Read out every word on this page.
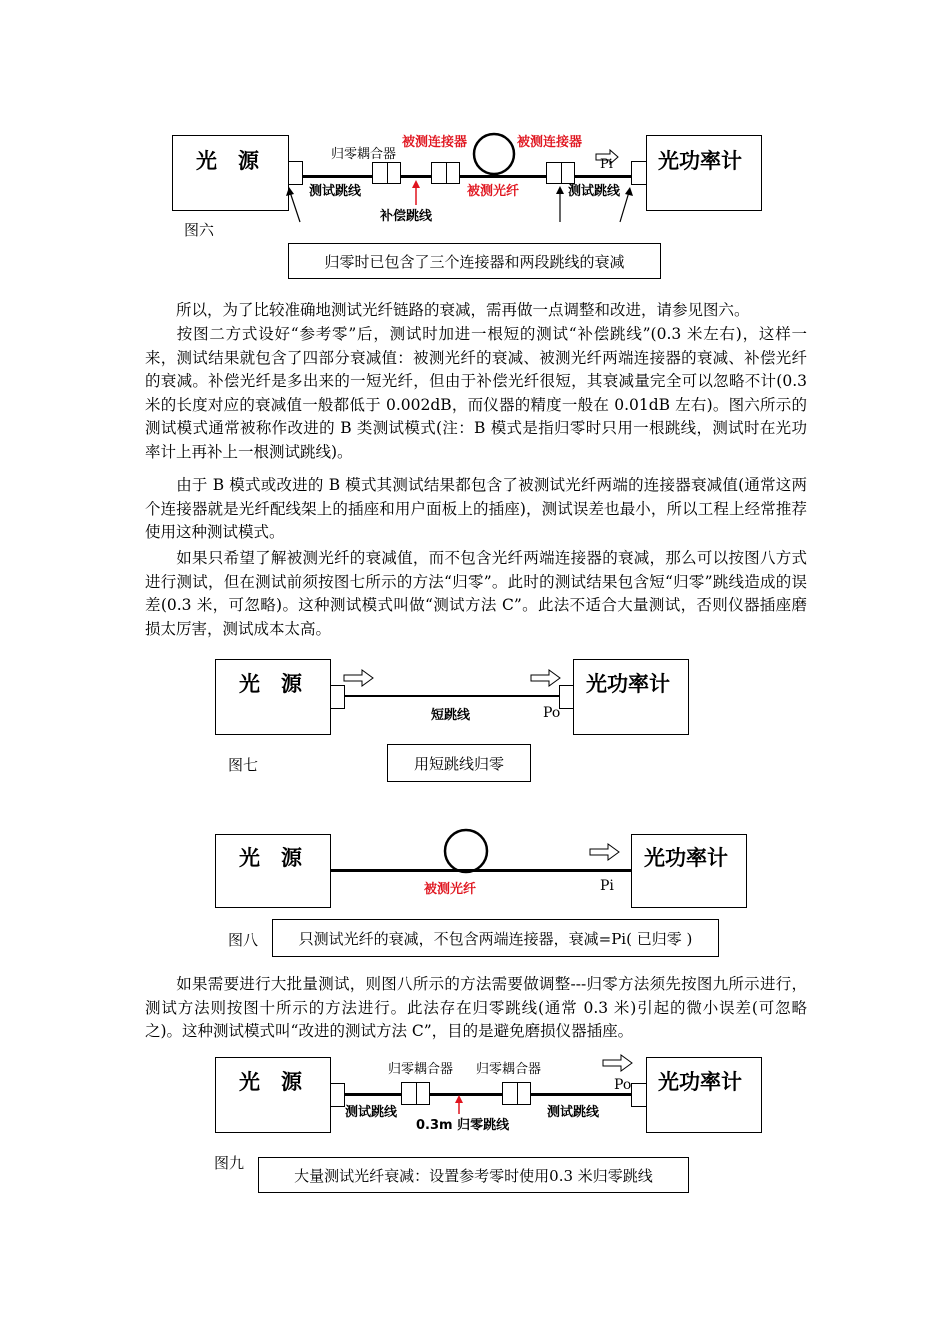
光　源	光功率计
归零耦合器
被测连接器	被测连接器
Pi
测试跳线	被测光纤	测试跳线
补偿跳线
图六
归零时已包含了三个连接器和两段跳线的衰减

所以，为了比较准确地测试光纤链路的衰减，需再做一点调整和改进，请参见图六。

按图二方式设好“参考零”后，测试时加进一根短的测试“补偿跳线”(0.3 米左右)，这样一来，测试结果就包含了四部分衰减值：被测光纤的衰减、被测光纤两端连接器的衰减、补偿光纤的衰减。补偿光纤是多出来的一短光纤，但由于补偿光纤很短，其衰减量完全可以忽略不计(0.3 米的长度对应的衰减值一般都低于 0.002dB，而仪器的精度一般在 0.01dB 左右)。图六所示的测试模式通常被称作改进的 B 类测试模式(注：B 模式是指归零时只用一根跳线，测试时在光功率计上再补上一根测试跳线)。

由于 B 模式或改进的 B 模式其测试结果都包含了被测试光纤两端的连接器衰减值(通常这两个连接器就是光纤配线架上的插座和用户面板上的插座)，测试误差也最小，所以工程上经常推荐使用这种测试模式。

如果只希望了解被测光纤的衰减值，而不包含光纤两端连接器的衰减，那么可以按图八方式进行测试，但在测试前须按图七所示的方法“归零”。此时的测试结果包含短“归零”跳线造成的误差(0.3 米，可忽略)。这种测试模式叫做“测试方法 C”。此法不适合大量测试，否则仪器插座磨损太厉害，测试成本太高。

光　源	光功率计
短跳线	Po
图七	用短跳线归零
光　源	光功率计
被测光纤	Pi
图八	只测试光纤的衰减，不包含两端连接器，衰减=Pi( 已归零 )

如果需要进行大批量测试，则图八所示的方法需要做调整---归零方法须先按图九所示进行，测试方法则按图十所示的方法进行。此法存在归零跳线(通常 0.3 米)引起的微小误差(可忽略之)。这种测试模式叫“改进的测试方法 C”，目的是避免磨损仪器插座。

光　源	光功率计
归零耦合器 归零耦合器
Po
测试跳线
0.3m 归零跳线
测试跳线
图九
大量测试光纤衰减：设置参考零时使用0.3 米归零跳线
